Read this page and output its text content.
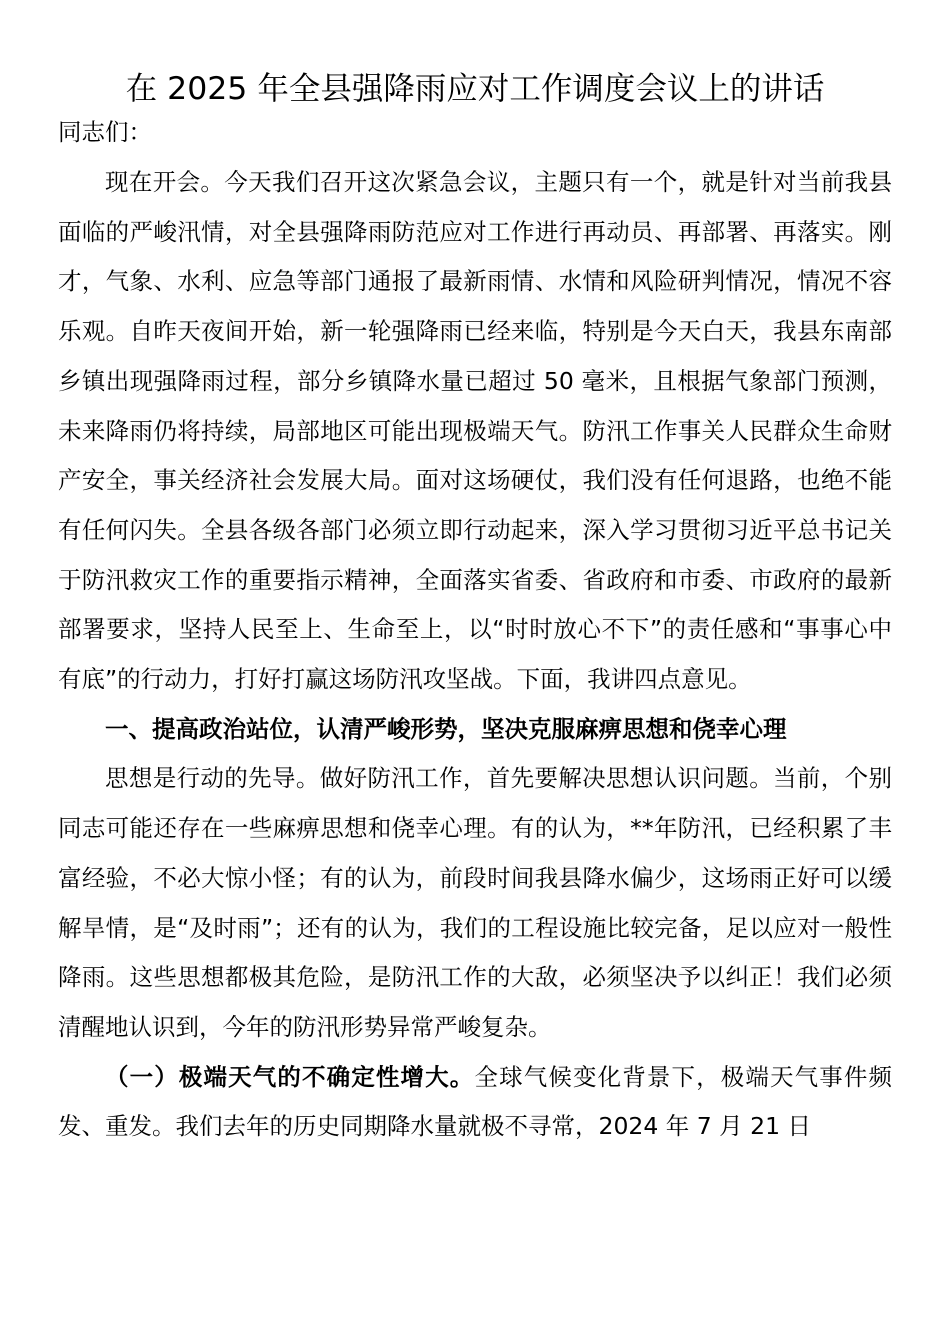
在 2025 年全县强降雨应对工作调度会议上的讲话
同志们：

现在开会。今天我们召开这次紧急会议，主题只有一个，就是针对当前我县面临的严峻汛情，对全县强降雨防范应对工作进行再动员、再部署、再落实。刚才，气象、水利、应急等部门通报了最新雨情、水情和风险研判情况，情况不容乐观。自昨天夜间开始，新一轮强降雨已经来临，特别是今天白天，我县东南部乡镇出现强降雨过程，部分乡镇降水量已超过 50 毫米，且根据气象部门预测，未来降雨仍将持续，局部地区可能出现极端天气。防汛工作事关人民群众生命财产安全，事关经济社会发展大局。面对这场硬仗，我们没有任何退路，也绝不能有任何闪失。全县各级各部门必须立即行动起来，深入学习贯彻习近平总书记关于防汛救灾工作的重要指示精神，全面落实省委、省政府和市委、市政府的最新部署要求，坚持人民至上、生命至上，以“时时放心不下”的责任感和“事事心中有底”的行动力，打好打赢这场防汛攻坚战。下面，我讲四点意见。

一、提高政治站位，认清严峻形势，坚决克服麻痹思想和侥幸心理

思想是行动的先导。做好防汛工作，首先要解决思想认识问题。当前，个别同志可能还存在一些麻痹思想和侥幸心理。有的认为，**年防汛，已经积累了丰富经验，不必大惊小怪；有的认为，前段时间我县降水偏少，这场雨正好可以缓解旱情，是“及时雨”；还有的认为，我们的工程设施比较完备，足以应对一般性降雨。这些思想都极其危险，是防汛工作的大敌，必须坚决予以纠正！我们必须清醒地认识到，今年的防汛形势异常严峻复杂。

（一）极端天气的不确定性增大。全球气候变化背景下，极端天气事件频发、重发。我们去年的历史同期降水量就极不寻常，2024 年 7 月 21 日
